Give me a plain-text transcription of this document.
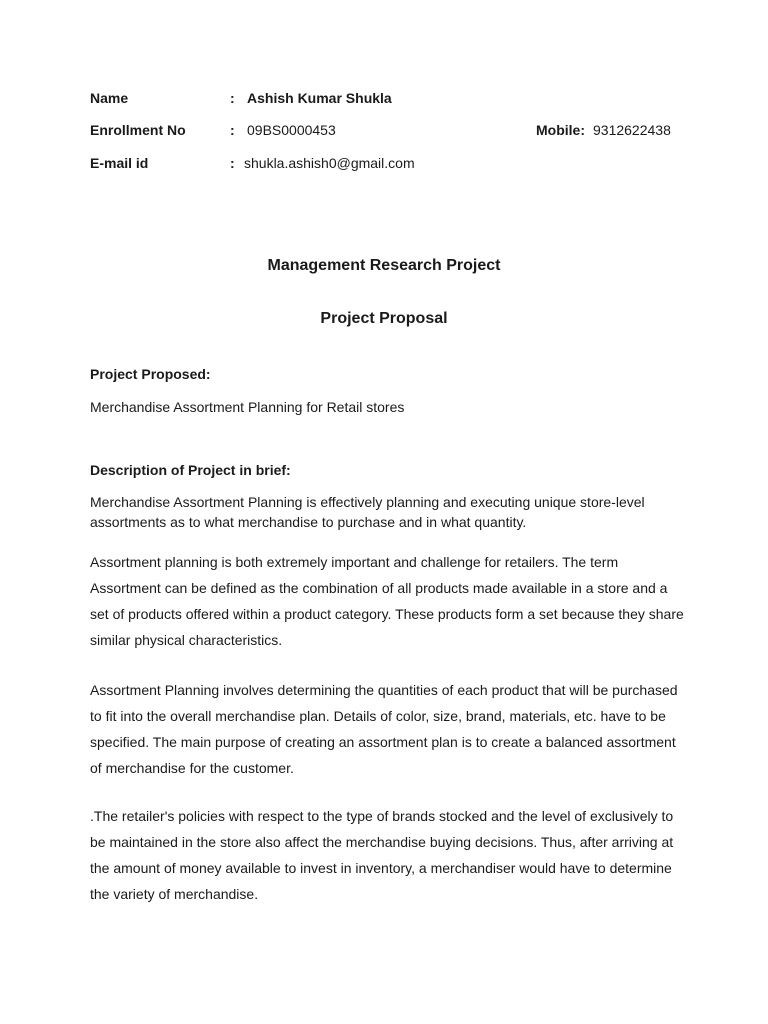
Name	: Ashish Kumar Shukla
Enrollment No	: 09BS0000453	Mobile: 9312622438
E-mail id	: shukla.ashish0@gmail.com
Management Research Project
Project Proposal
Project Proposed:
Merchandise Assortment Planning for Retail stores
Description of Project in brief:
Merchandise Assortment Planning is effectively planning and executing unique store-level assortments as to what merchandise to purchase and in what quantity.
Assortment planning is both extremely important and challenge for retailers. The term Assortment can be defined as the combination of all products made available in a store and a set of products offered within a product category. These products form a set because they share similar physical characteristics.
Assortment Planning involves determining the quantities of each product that will be purchased to fit into the overall merchandise plan. Details of color, size, brand, materials, etc. have to be specified. The main purpose of creating an assortment plan is to create a balanced assortment of merchandise for the customer.
.The retailer's policies with respect to the type of brands stocked and the level of exclusively to be maintained in the store also affect the merchandise buying decisions. Thus, after arriving at the amount of money available to invest in inventory, a merchandiser would have to determine the variety of merchandise.
